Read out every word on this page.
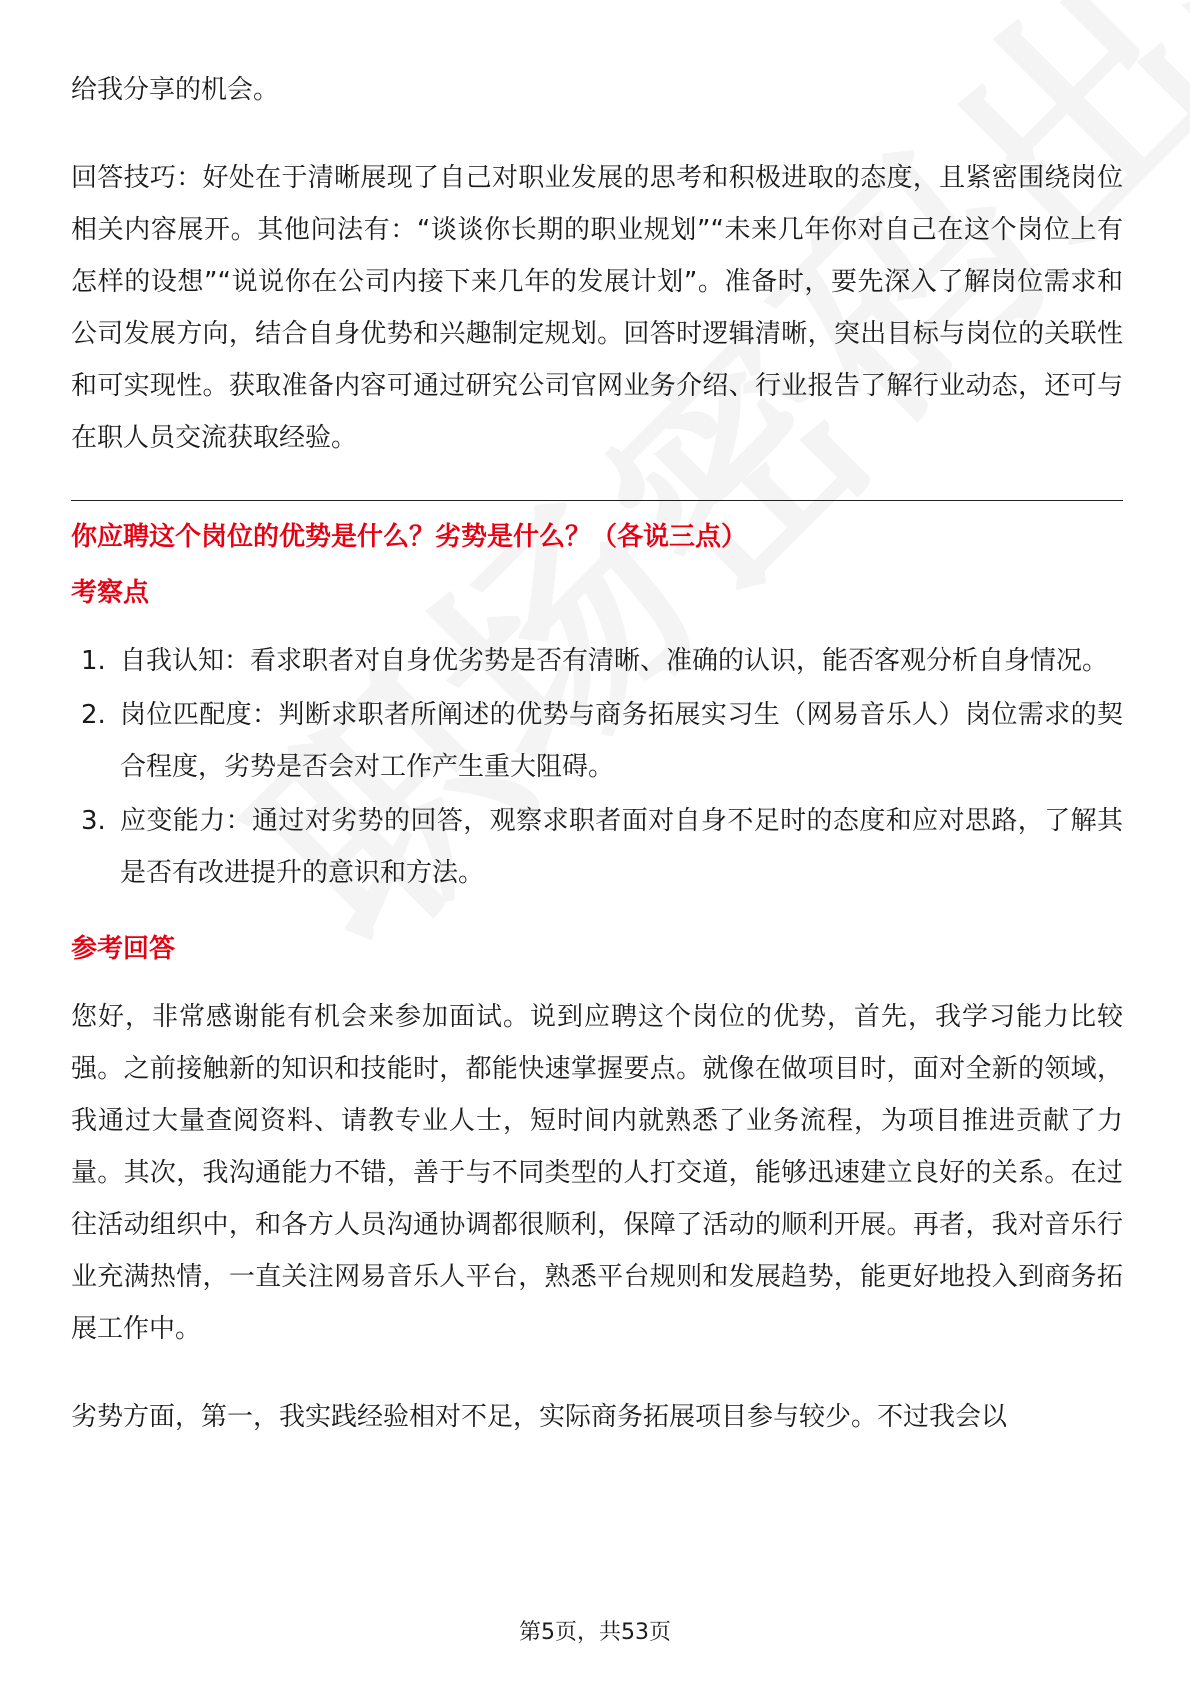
给我分享的机会。

回答技巧：好处在于清晰展现了自己对职业发展的思考和积极进取的态度，且紧密围绕岗位相关内容展开。其他问法有：“谈谈你长期的职业规划”“未来几年你对自己在这个岗位上有怎样的设想”“说说你在公司内接下来几年的发展计划”。准备时，要先深入了解岗位需求和公司发展方向，结合自身优势和兴趣制定规划。回答时逻辑清晰，突出目标与岗位的关联性和可实现性。获取准备内容可通过研究公司官网业务介绍、行业报告了解行业动态，还可与在职人员交流获取经验。

你应聘这个岗位的优势是什么？劣势是什么？（各说三点）
考察点
1. 自我认知：看求职者对自身优劣势是否有清晰、准确的认识，能否客观分析自身情况。
2. 岗位匹配度：判断求职者所阐述的优势与商务拓展实习生（网易音乐人）岗位需求的契合程度，劣势是否会对工作产生重大阻碍。
3. 应变能力：通过对劣势的回答，观察求职者面对自身不足时的态度和应对思路，了解其是否有改进提升的意识和方法。
参考回答

您好，非常感谢能有机会来参加面试。说到应聘这个岗位的优势，首先，我学习能力比较强。之前接触新的知识和技能时，都能快速掌握要点。就像在做项目时，面对全新的领域，我通过大量查阅资料、请教专业人士，短时间内就熟悉了业务流程，为项目推进贡献了力量。其次，我沟通能力不错，善于与不同类型的人打交道，能够迅速建立良好的关系。在过往活动组织中，和各方人员沟通协调都很顺利，保障了活动的顺利开展。再者，我对音乐行业充满热情，一直关注网易音乐人平台，熟悉平台规则和发展趋势，能更好地投入到商务拓展工作中。

劣势方面，第一，我实践经验相对不足，实际商务拓展项目参与较少。不过我会以

第5页，共53页
